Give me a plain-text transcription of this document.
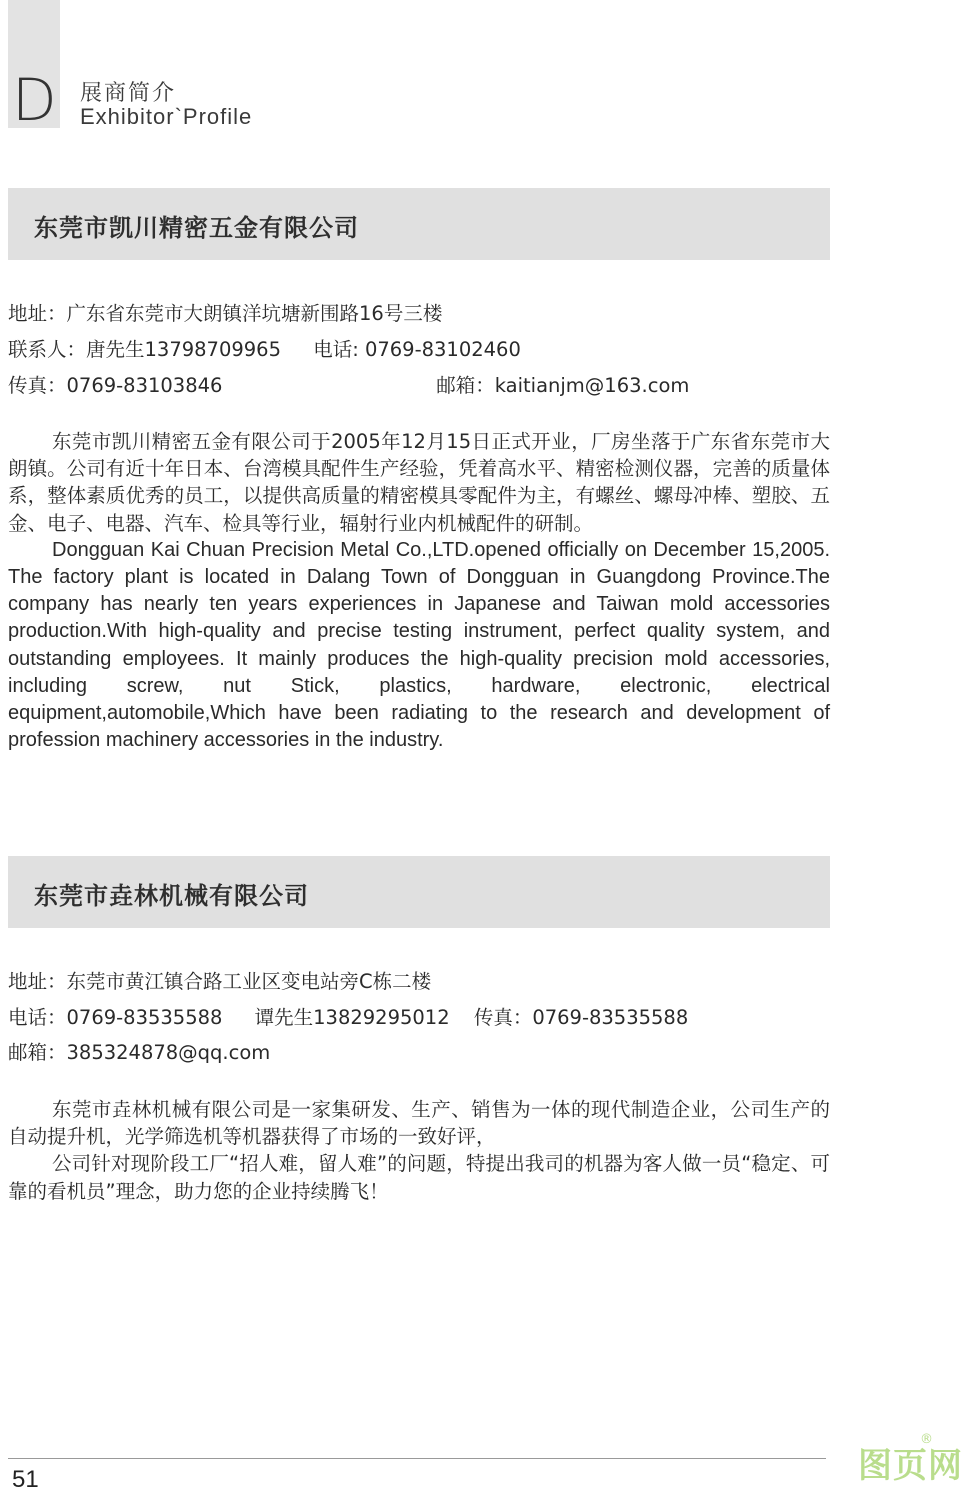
D 展商简介
Exhibitor`Profile
东莞市凯川精密五金有限公司
地址：广东省东莞市大朗镇洋坑塘新围路16号三楼
联系人：唐先生13798709965 电话: 0769-83102460
传真：0769-83103846	邮箱：kaitianjm@163.com

东莞市凯川精密五金有限公司于2005年12月15日正式开业，厂房坐落于广东省东莞市大朗镇。公司有近十年日本、台湾模具配件生产经验，凭着高水平、精密检测仪器，完善的质量体系，整体素质优秀的员工，以提供高质量的精密模具零配件为主，有螺丝、螺母冲棒、塑胶、五金、电子、电器、汽车、检具等行业，辐射行业内机械配件的研制。

Dongguan Kai Chuan Precision Metal Co.,LTD.opened officially on December 15,2005. The factory plant is located in Dalang Town of Dongguan in Guangdong Province.The company has nearly ten years experiences in Japanese and Taiwan mold accessories production.With high-quality and precise testing instrument, perfect quality system, and outstanding employees. It mainly produces the high-quality precision mold accessories, including screw, nut Stick, plastics, hardware, electronic, electrical equipment,automobile,Which have been radiating to the research and development of profession machinery accessories in the industry.

东莞市垚林机械有限公司
地址：东莞市黄江镇合路工业区变电站旁C栋二楼
电话：0769-83535588 谭先生13829295012 传真：0769-83535588
邮箱：385324878@qq.com

东莞市垚林机械有限公司是一家集研发、生产、销售为一体的现代制造企业，公司生产的自动提升机，光学筛选机等机器获得了市场的一致好评，

公司针对现阶段工厂“招人难，留人难”的问题，特提出我司的机器为客人做一员“稳定、可靠的看机员”理念，助力您的企业持续腾飞！

51	图页网
®
